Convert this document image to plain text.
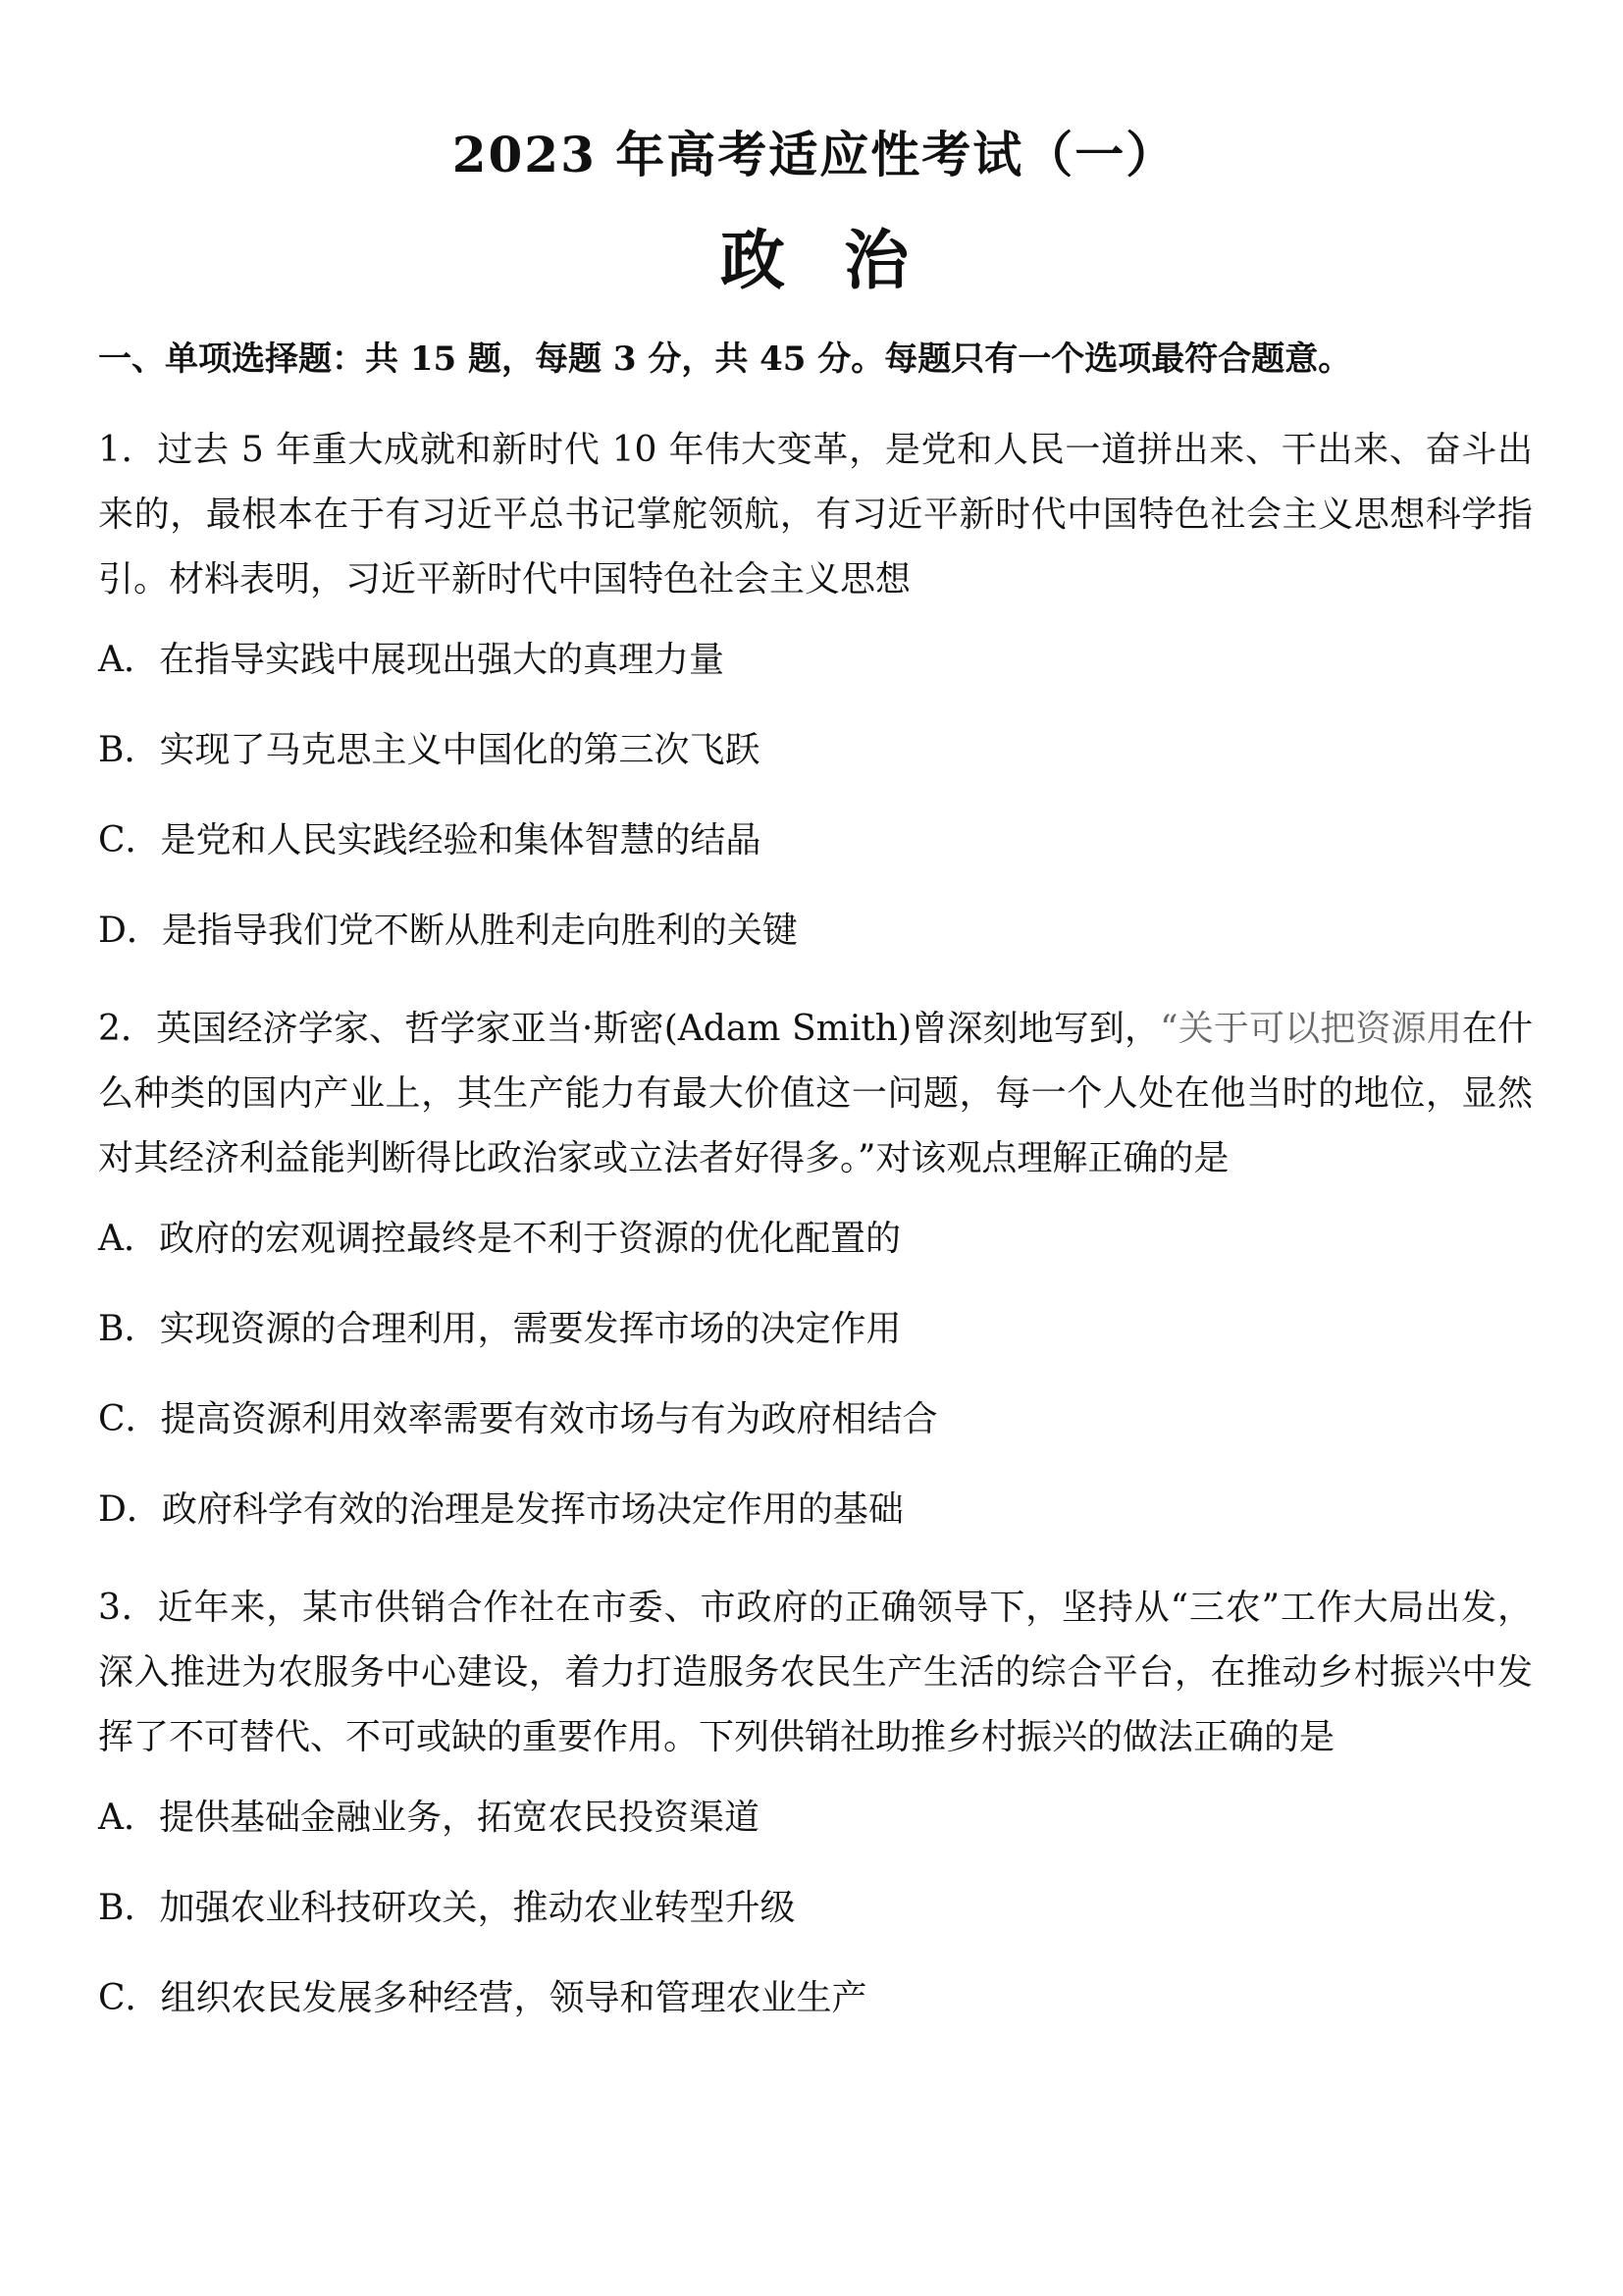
2023 年高考适应性考试（一）
政治

一、单项选择题：共 15 题，每题 3 分，共 45 分。每题只有一个选项最符合题意。

1．过去 5 年重大成就和新时代 10 年伟大变革，是党和人民一道拼出来、干出来、奋斗出来的，最根本在于有习近平总书记掌舵领航，有习近平新时代中国特色社会主义思想科学指引。材料表明，习近平新时代中国特色社会主义思想

A．在指导实践中展现出强大的真理力量
B．实现了马克思主义中国化的第三次飞跃
C．是党和人民实践经验和集体智慧的结晶
D．是指导我们党不断从胜利走向胜利的关键

2．英国经济学家、哲学家亚当·斯密(Adam Smith)曾深刻地写到，“关于可以把资源用在什么种类的国内产业上，其生产能力有最大价值这一问题，每一个人处在他当时的地位，显然对其经济利益能判断得比政治家或立法者好得多。”对该观点理解正确的是

A．政府的宏观调控最终是不利于资源的优化配置的
B．实现资源的合理利用，需要发挥市场的决定作用
C．提高资源利用效率需要有效市场与有为政府相结合
D．政府科学有效的治理是发挥市场决定作用的基础

3．近年来，某市供销合作社在市委、市政府的正确领导下，坚持从“三农”工作大局出发，深入推进为农服务中心建设，着力打造服务农民生产生活的综合平台，在推动乡村振兴中发挥了不可替代、不可或缺的重要作用。下列供销社助推乡村振兴的做法正确的是

A．提供基础金融业务，拓宽农民投资渠道
B．加强农业科技研攻关，推动农业转型升级
C．组织农民发展多种经营，领导和管理农业生产
